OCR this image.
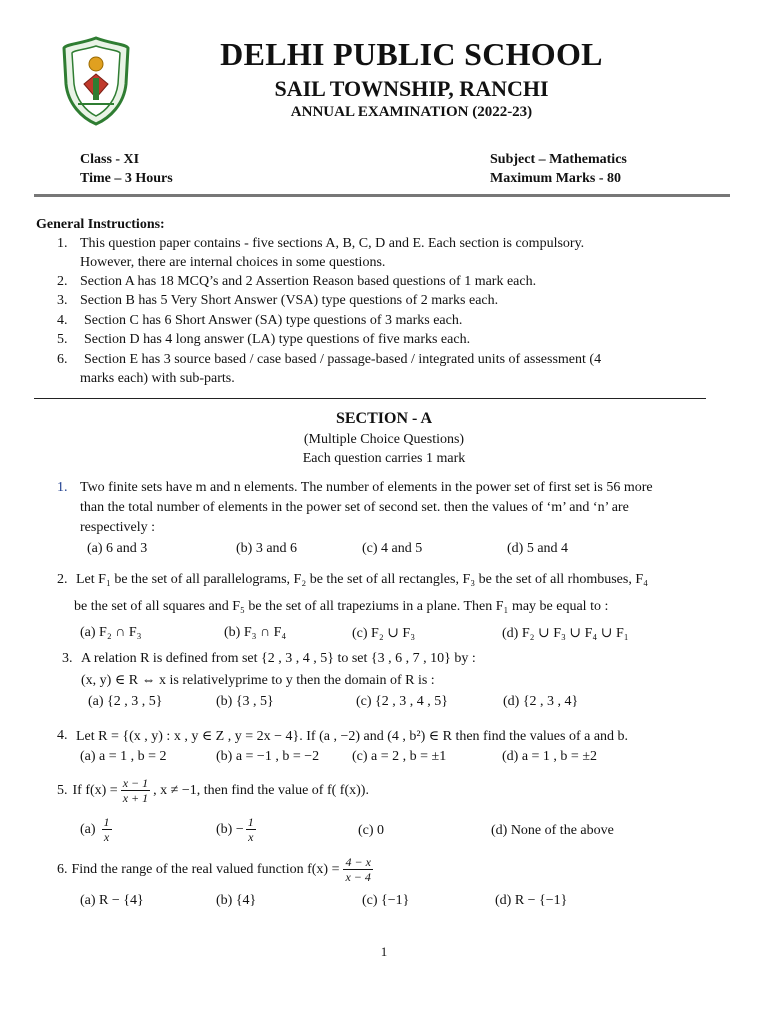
DELHI PUBLIC SCHOOL
SAIL TOWNSHIP, RANCHI
ANNUAL EXAMINATION (2022-23)
Class - XI
Time – 3 Hours
Subject – Mathematics
Maximum Marks - 80
General Instructions:
1. This question paper contains - five sections A, B, C, D and E. Each section is compulsory.
However, there are internal choices in some questions.
2. Section A has 18 MCQ’s and 2 Assertion Reason based questions of 1 mark each.
3. Section B has 5 Very Short Answer (VSA) type questions of 2 marks each.
4. Section C has 6 Short Answer (SA) type questions of 3 marks each.
5. Section D has 4 long answer (LA) type questions of five marks each.
6. Section E has 3 source based / case based / passage-based / integrated units of assessment (4
marks each) with sub-parts.
SECTION - A
(Multiple Choice Questions)
Each question carries 1 mark
1. Two finite sets have m and n elements. The number of elements in the power set of first set is 56 more
than the total number of elements in the power set of second set. then the values of ‘m’ and ‘n’ are
respectively :
(a) 6 and 3	(b) 3 and 6	(c) 4 and 5	(d) 5 and 4
2. Let F₁ be the set of all parallelograms, F₂ be the set of all rectangles, F₃ be the set of all rhombuses, F₄
be the set of all squares and F₅ be the set of all trapeziums in a plane. Then F₁ may be equal to :
(a) F₂ ∩ F₃	(b) F₃ ∩ F₄	(c) F₂ ∪ F₃	(d) F₂ ∪ F₃ ∪ F₄ ∪ F₁
3. A relation R is defined from set {2 , 3 , 4 , 5} to set {3 , 6 , 7 , 10} by :
(x, y) ∈ R ⇔ x is relativelyprime to y then the domain of R is :
(a) {2 , 3 , 5}	(b) {3 , 5}	(c) {2 , 3 , 4 , 5}	(d) {2 , 3 , 4}
4. Let R = {(x , y) : x , y ∈ Z , y = 2x − 4}. If (a , −2) and (4 , b²) ∈ R then find the values of a and b.
(a) a = 1 , b = 2	(b) a = −1 , b = −2 (c) a = 2 , b = ±1	(d) a = 1 , b = ±2
5. If $f(x) = \frac{x - 1}{x + 1}$ , x ≠ −1, then find the value of f( f(x)).
$(a) \frac{1}{x}$	$(b) - \frac{1}{x}$	(c) 0	(d) None of the above
6. Find the range of the real valued function $f(x) = \frac{4 - x}{x - 4}$
(a) R − {4}	(b) {4}	(c) {−1}	(d) R − {−1}
1
